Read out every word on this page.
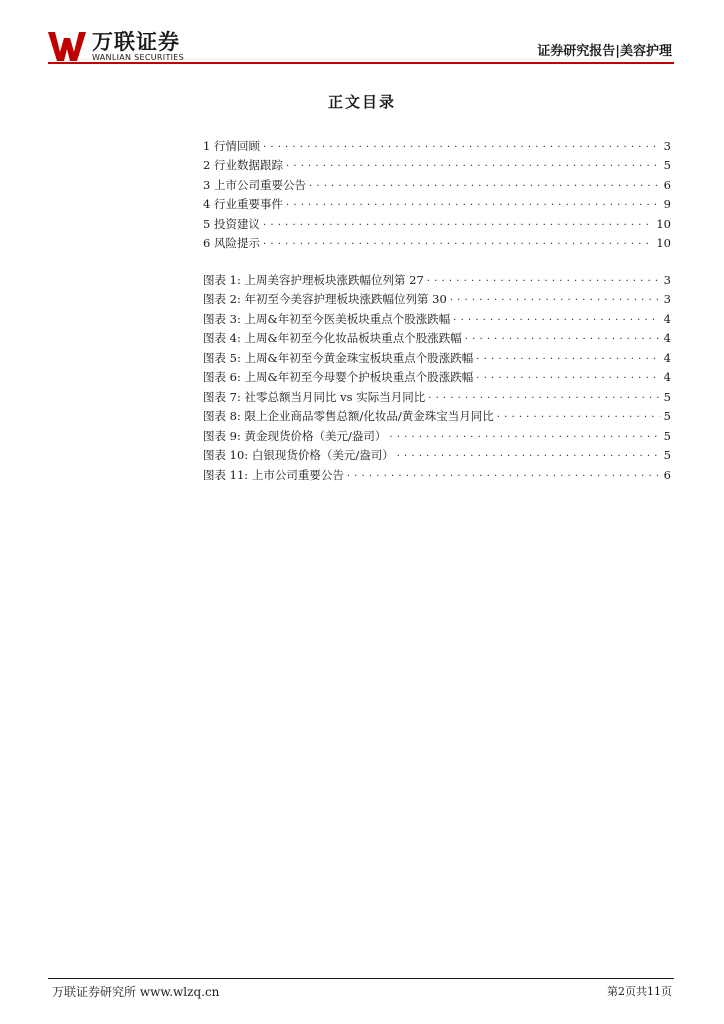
万联证券
WANLIAN SECURITIES	证券研究报告|美容护理
正文目录
1 行情回顾 . . .	3
2 行业数据跟踪 . . .	5
3 上市公司重要公告 . . .	6
4 行业重要事件 . . .	9
5 投资建议 . . .	10
6 风险提示 . . .	10
图表 1: 上周美容护理板块涨跌幅位列第 27 . . .	3
图表 2: 年初至今美容护理板块涨跌幅位列第 30 . . .	3
图表 3: 上周&年初至今医美板块重点个股涨跌幅 . . .	4
图表 4: 上周&年初至今化妆品板块重点个股涨跌幅 . . .	4
图表 5: 上周&年初至今黄金珠宝板块重点个股涨跌幅 . . .	4
图表 6: 上周&年初至今母婴个护板块重点个股涨跌幅 . . .	4
图表 7: 社零总额当月同比 vs 实际当月同比 . . .	5
图表 8: 限上企业商品零售总额/化妆品/黄金珠宝当月同比 . . .	5
图表 9: 黄金现货价格（美元/盎司） . . .	5
图表 10: 白银现货价格（美元/盎司） . . .	5
图表 11: 上市公司重要公告 . . .	6
万联证券研究所 www.wlzq.cn	第2页共11页
